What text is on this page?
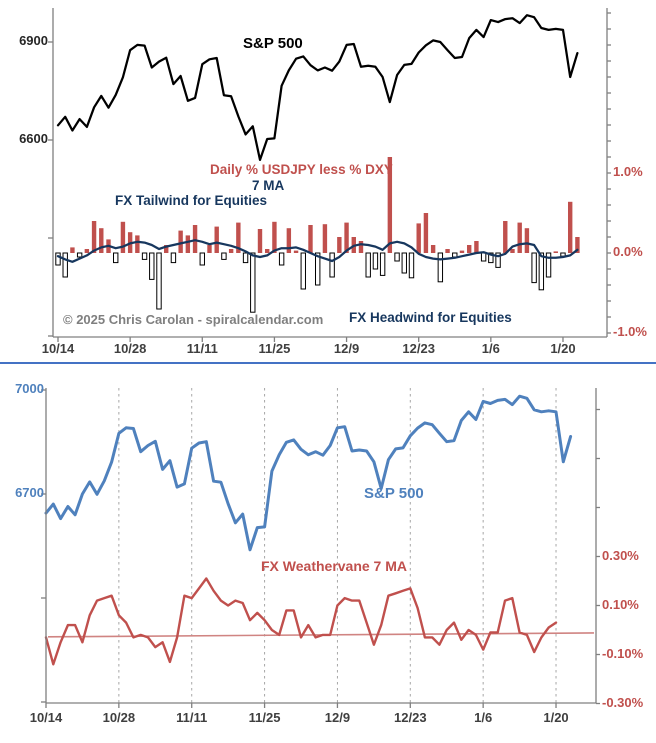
S&P 500
Daily % USDJPY less % DXY
7 MA
FX Tailwind for Equities
FX Headwind for Equities
© 2025 Chris Carolan - spiralcalendar.com
S&P 500
FX Weathervane 7 MA
10/14	10/28	11/11	11/25	12/9	12/23	1/6	1/20
6900
6600
1.0%
0.0%
-1.0%
10/14	10/28	11/11	11/25	12/9	12/23	1/6	1/20
7000
6700
0.30%
0.10%
-0.10%
-0.30%
